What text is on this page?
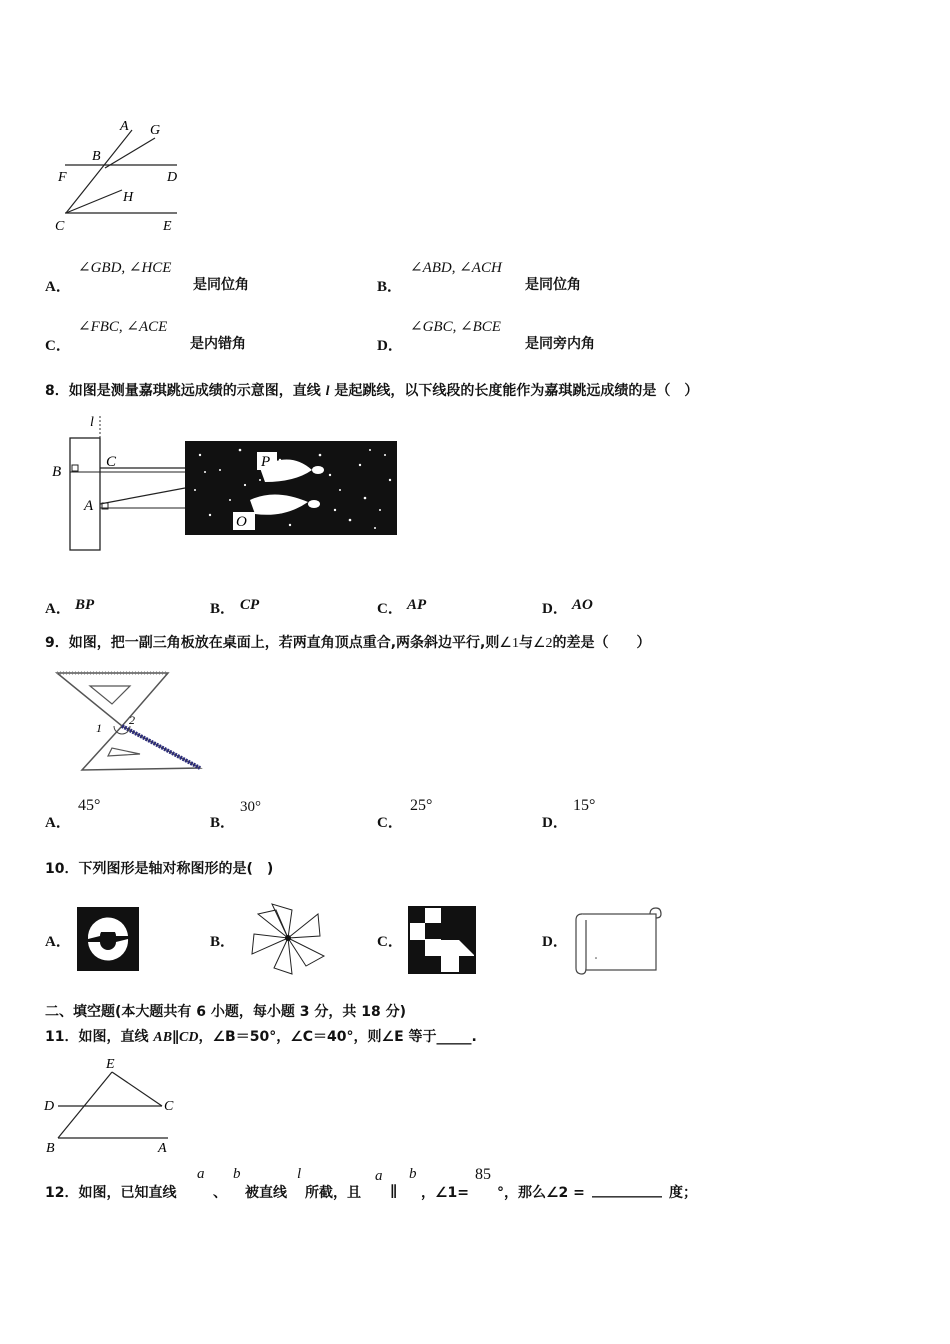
A G
B
F	D
H
C	E
A．
∠GBD, ∠HCE
是同位角	B．
∠ABD, ∠ACH
是同位角
C．
∠FBC, ∠ACE
是内错角	D．
∠GBC, ∠BCE
是同旁内角
8．如图是测量嘉琪跳远成绩的示意图，直线 l 是起跳线，以下线段的长度能作为嘉琪跳远成绩的是（　）
l
B
C
A
P
O
A． BP	B． CP	C． AP	D． AO
9．如图，把一副三角板放在桌面上，若两直角顶点重合,两条斜边平行,则∠1与∠2的差是（　　）
1
2
A．
45°
B．
30°
C．
25°
D．
15°
10．下列图形是轴对称图形的是(　)
A．	B．	C．	D．
二、填空题(本大题共有 6 小题，每小题 3 分，共 18 分)
11．如图，直线 AB∥CD，∠B＝50°，∠C＝40°，则∠E 等于_____.
E
D	C
B	A
12．如图，已知直线
a
、
b
被直线
l
所截，且
a
∥
b
，∠1=
85
°，那么∠2 = __________ 度；
